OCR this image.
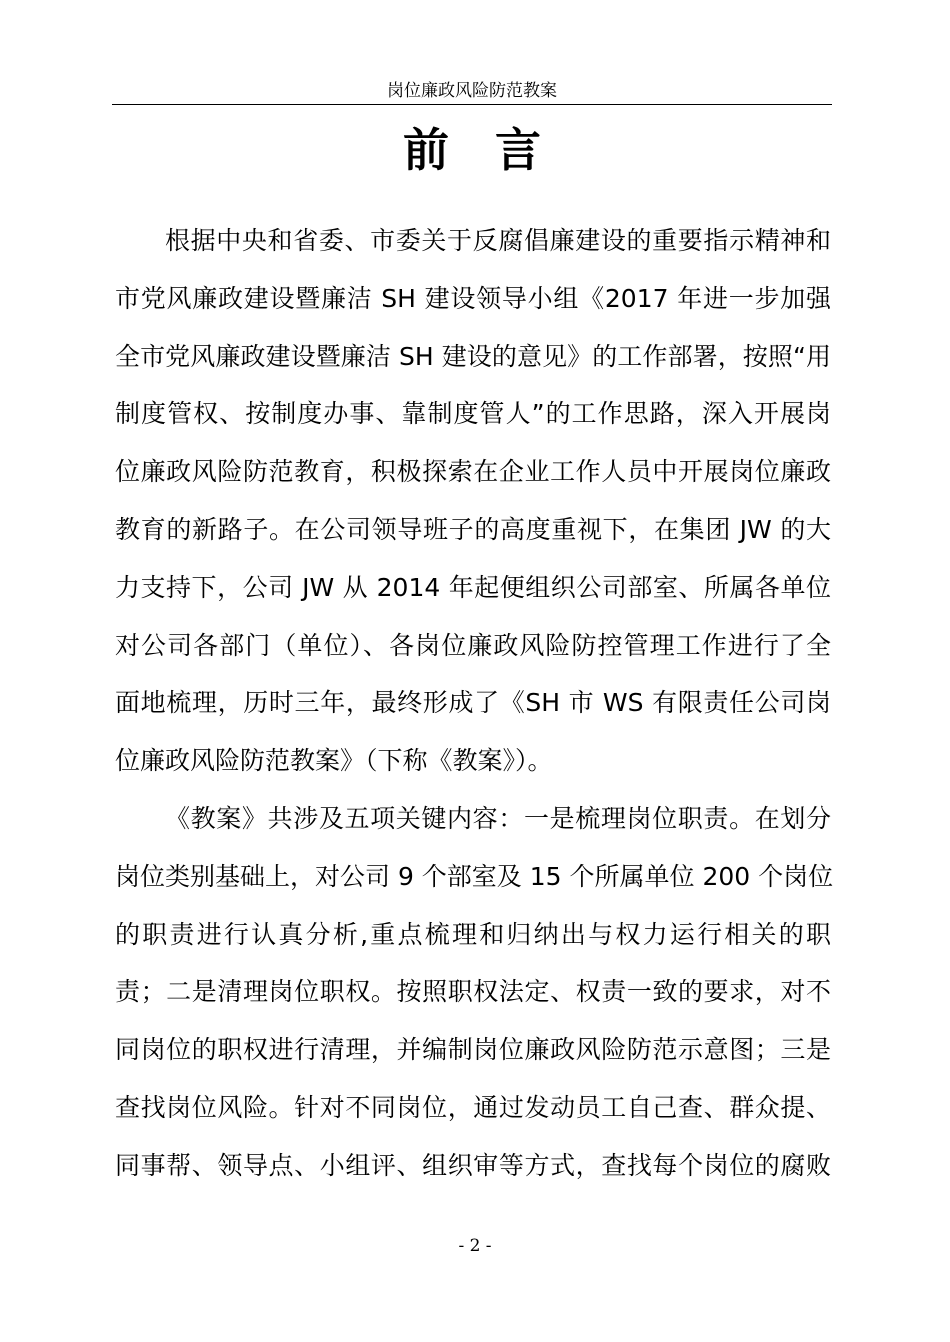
岗位廉政风险防范教案
前言
根据中央和省委、市委关于反腐倡廉建设的重要指示精神和
市党风廉政建设暨廉洁 SH 建设领导小组《2017 年进一步加强
全市党风廉政建设暨廉洁 SH 建设的意见》的工作部署，按照“用
制度管权、按制度办事、靠制度管人”的工作思路，深入开展岗
位廉政风险防范教育，积极探索在企业工作人员中开展岗位廉政
教育的新路子。在公司领导班子的高度重视下，在集团 JW 的大
力支持下，公司 JW 从 2014 年起便组织公司部室、所属各单位
对公司各部门（单位）、各岗位廉政风险防控管理工作进行了全
面地梳理，历时三年，最终形成了《SH 市 WS 有限责任公司岗
位廉政风险防范教案》（下称《教案》）。
《教案》共涉及五项关键内容：一是梳理岗位职责。在划分
岗位类别基础上，对公司 9 个部室及 15 个所属单位 200 个岗位
的职责进行认真分析,重点梳理和归纳出与权力运行相关的职
责；二是清理岗位职权。按照职权法定、权责一致的要求，对不
同岗位的职权进行清理，并编制岗位廉政风险防范示意图；三是
查找岗位风险。针对不同岗位，通过发动员工自己查、群众提、
同事帮、领导点、小组评、组织审等方式，查找每个岗位的腐败
- 2 -
